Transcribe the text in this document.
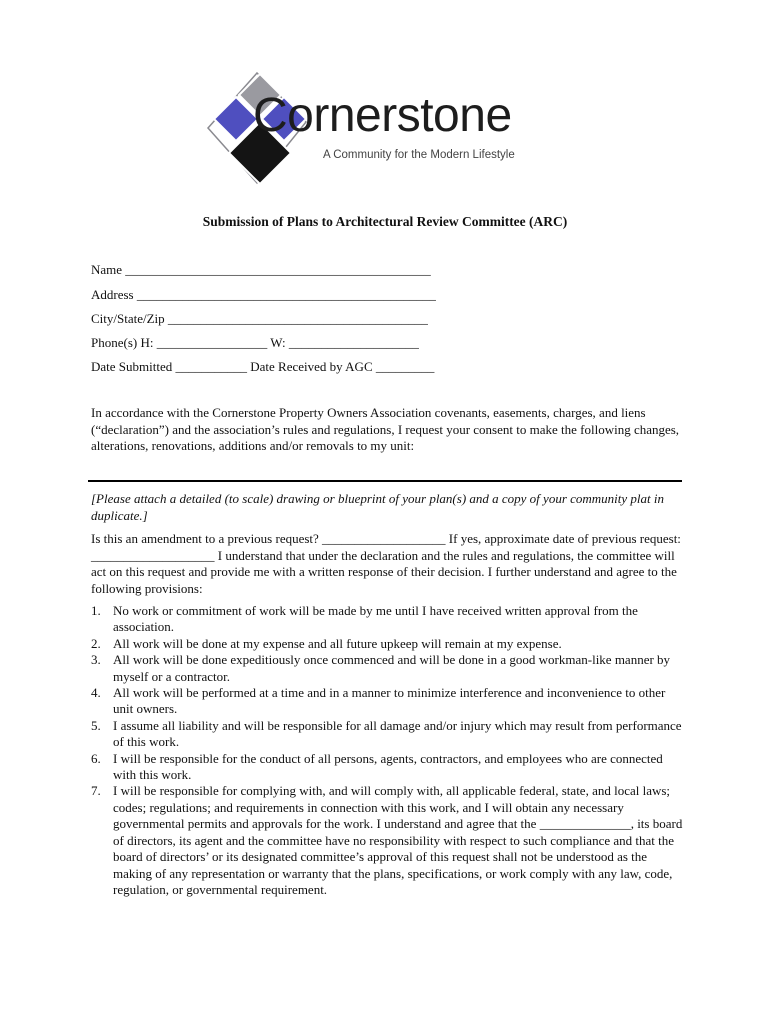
Cornerstone
A Community for the Modern Lifestyle
Submission of Plans to Architectural Review Committee (ARC)
Name _______________________________________________
Address ______________________________________________
City/State/Zip ________________________________________
Phone(s) H: _________________ W: ____________________
Date Submitted ___________ Date Received by AGC _________
In accordance with the Cornerstone Property Owners Association covenants, easements, charges, and liens (“declaration”) and the association’s rules and regulations, I request your consent to make the following changes, alterations, renovations, additions and/or removals to my unit:
[Please attach a detailed (to scale) drawing or blueprint of your plan(s) and a copy of your community plat in duplicate.]
Is this an amendment to a previous request? ___________________ If yes, approximate date of previous request: ___________________ I understand that under the declaration and the rules and regulations, the committee will act on this request and provide me with a written response of their decision. I further understand and agree to the following provisions:
1. No work or commitment of work will be made by me until I have received written approval from the association.
2. All work will be done at my expense and all future upkeep will remain at my expense.
3. All work will be done expeditiously once commenced and will be done in a good workman-like manner by myself or a contractor.
4. All work will be performed at a time and in a manner to minimize interference and inconvenience to other unit owners.
5. I assume all liability and will be responsible for all damage and/or injury which may result from performance of this work.
6. I will be responsible for the conduct of all persons, agents, contractors, and employees who are connected with this work.
7. I will be responsible for complying with, and will comply with, all applicable federal, state, and local laws; codes; regulations; and requirements in connection with this work, and I will obtain any necessary governmental permits and approvals for the work. I understand and agree that the ______________, its board of directors, its agent and the committee have no responsibility with respect to such compliance and that the board of directors’ or its designated committee’s approval of this request shall not be understood as the making of any representation or warranty that the plans, specifications, or work comply with any law, code, regulation, or governmental requirement.
